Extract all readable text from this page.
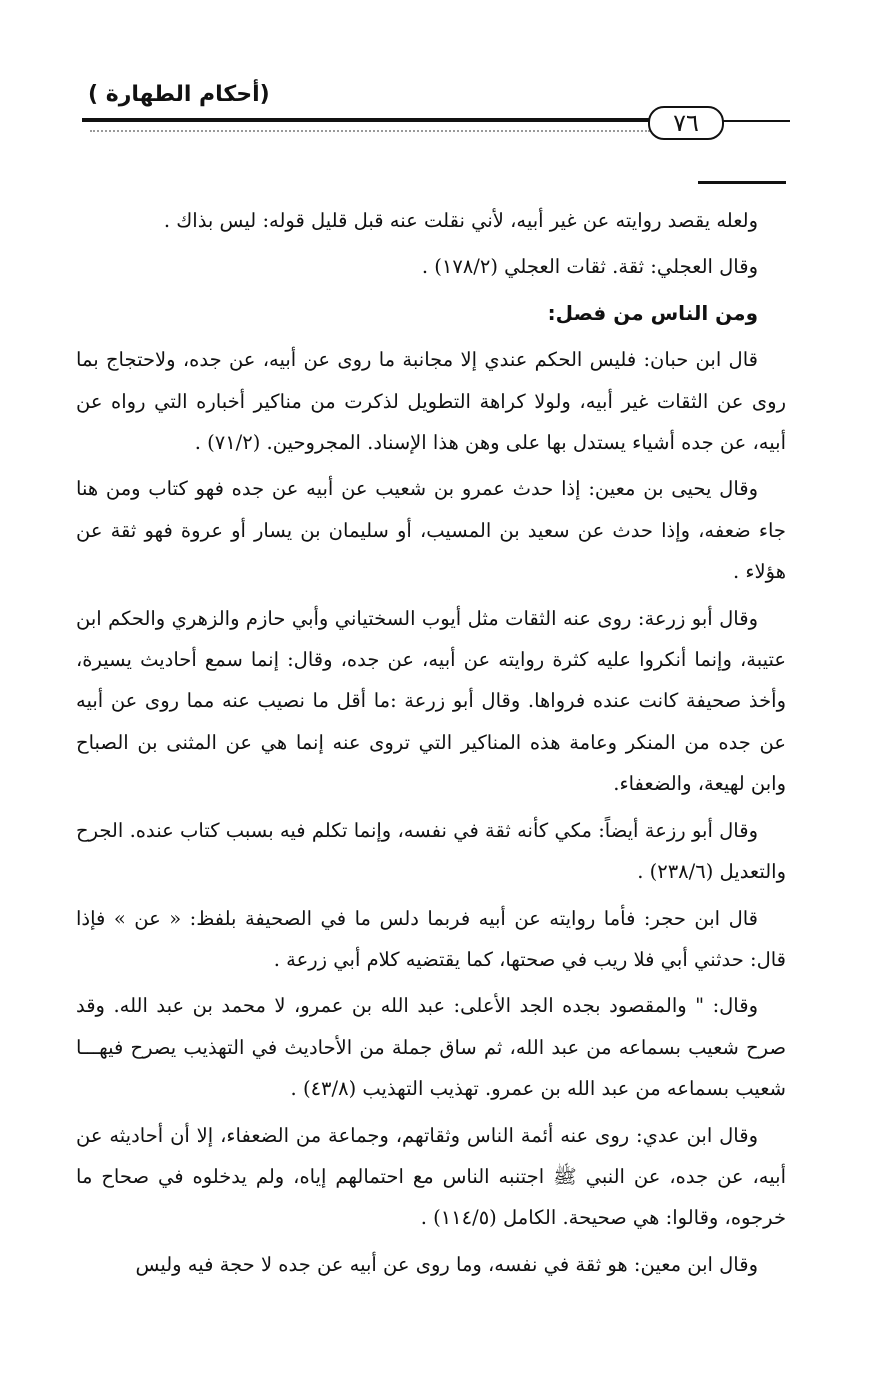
(أحكام الطهارة )
٧٦

ولعله يقصد روايته عن غير أبيه، لأني نقلت عنه قبل قليل قوله: ليس بذاك .

وقال العجلي: ثقة. ثقات العجلي (١٧٨/٢) .

ومن الناس من فصل:

قال ابن حبان: فليس الحكم عندي إلا مجانبة ما روى عن أبيه، عن جده، ولاحتجاج بما روى عن الثقات غير أبيه، ولولا كراهة التطويل لذكرت من مناكير أخباره التي رواه عن أبيه، عن جده أشياء يستدل بها على وهن هذا الإسناد. المجروحين. (٧١/٢) .

وقال يحيى بن معين: إذا حدث عمرو بن شعيب عن أبيه عن جده فهو كتاب ومن هنا جاء ضعفه، وإذا حدث عن سعيد بن المسيب، أو سليمان بن يسار أو عروة فهو ثقة عن هؤلاء .

وقال أبو زرعة: روى عنه الثقات مثل أيوب السختياني وأبي حازم والزهري والحكم ابن عتيبة، وإنما أنكروا عليه كثرة روايته عن أبيه، عن جده، وقال: إنما سمع أحاديث يسيرة، وأخذ صحيفة كانت عنده فرواها. وقال أبو زرعة :ما أقل ما نصيب عنه مما روى عن أبيه عن جده من المنكر وعامة هذه المناكير التي تروى عنه إنما هي عن المثنى بن الصباح وابن لهيعة، والضعفاء.

وقال أبو رزعة أيضاً: مكي كأنه ثقة في نفسه، وإنما تكلم فيه بسبب كتاب عنده. الجرح والتعديل (٢٣٨/٦) .

قال ابن حجر: فأما روايته عن أبيه فربما دلس ما في الصحيفة بلفظ: « عن » فإذا قال: حدثني أبي فلا ريب في صحتها، كما يقتضيه كلام أبي زرعة .

وقال: " والمقصود بجده الجد الأعلى: عبد الله بن عمرو، لا محمد بن عبد الله. وقد صرح شعيب بسماعه من عبد الله، ثم ساق جملة من الأحاديث في التهذيب يصرح فيهـــا شعيب بسماعه من عبد الله بن عمرو. تهذيب التهذيب (٤٣/٨) .

وقال ابن عدي: روى عنه أئمة الناس وثقاتهم، وجماعة من الضعفاء، إلا أن أحاديثه عن أبيه، عن جده، عن النبي ﷺ اجتنبه الناس مع احتمالهم إياه، ولم يدخلوه في صحاح ما خرجوه، وقالوا: هي صحيحة. الكامل (١١٤/٥) .

وقال ابن معين: هو ثقة في نفسه، وما روى عن أبيه عن جده لا حجة فيه وليس
